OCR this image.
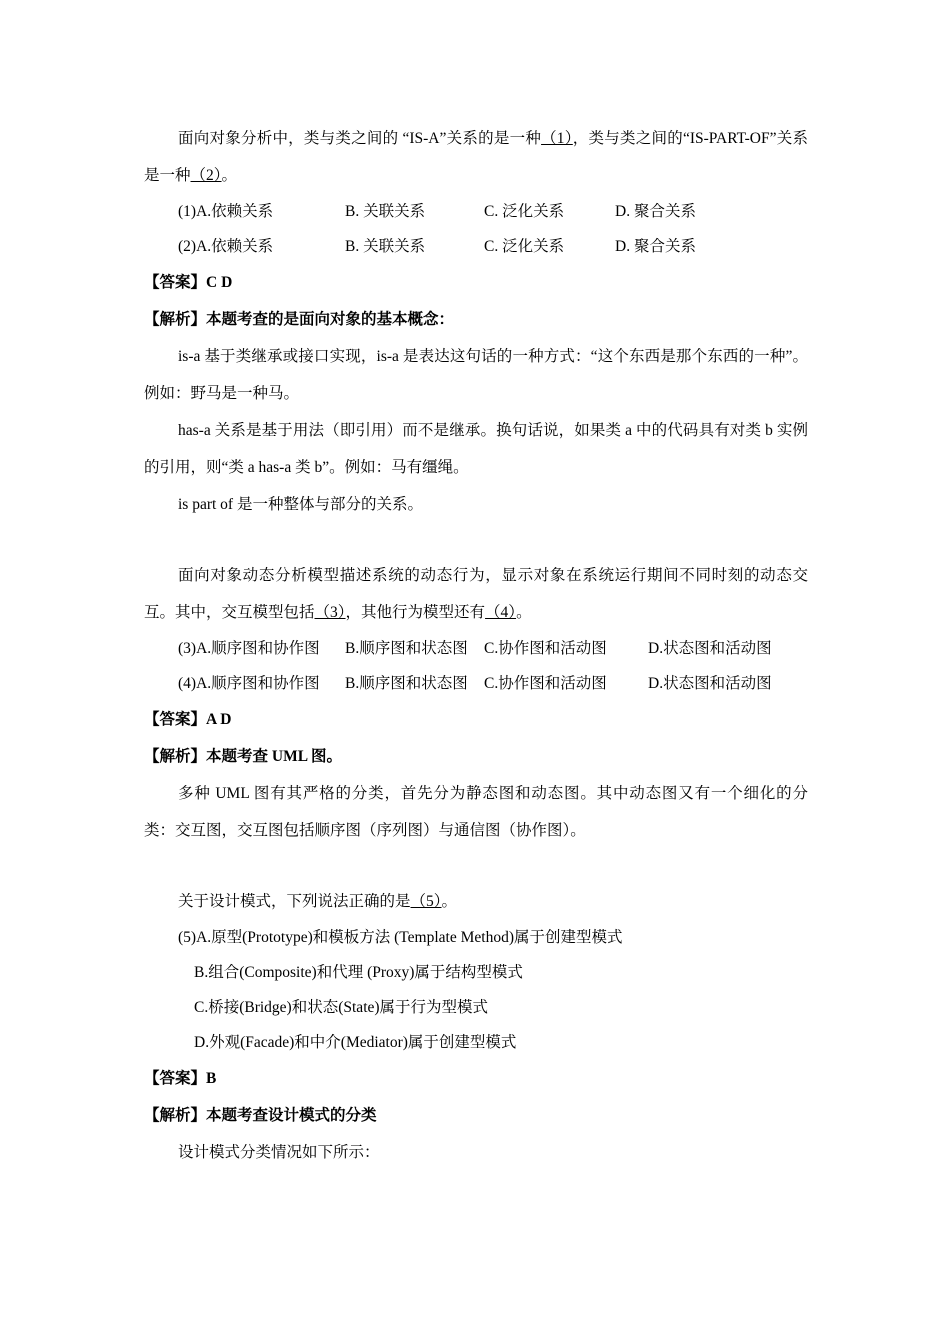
面向对象分析中，类与类之间的 “IS-A”关系的是一种（1），类与类之间的“IS-PART-OF”关系是一种（2）。
(1)A.依赖关系	B. 关联关系	C. 泛化关系	D. 聚合关系
(2)A.依赖关系	B. 关联关系	C. 泛化关系	D. 聚合关系
【答案】C D
【解析】本题考查的是面向对象的基本概念：
is-a 基于类继承或接口实现，is-a 是表达这句话的一种方式：“这个东西是那个东西的一种”。例如：野马是一种马。
has-a 关系是基于用法（即引用）而不是继承。换句话说，如果类 a 中的代码具有对类 b 实例的引用，则“类 a has-a 类 b”。例如：马有缰绳。
is part of 是一种整体与部分的关系。
面向对象动态分析模型描述系统的动态行为，显示对象在系统运行期间不同时刻的动态交互。其中，交互模型包括（3），其他行为模型还有（4）。
(3)A.顺序图和协作图	B.顺序图和状态图	C.协作图和活动图	D.状态图和活动图
(4)A.顺序图和协作图	B.顺序图和状态图	C.协作图和活动图	D.状态图和活动图
【答案】A D
【解析】本题考查 UML 图。
多种 UML 图有其严格的分类，首先分为静态图和动态图。其中动态图又有一个细化的分类：交互图，交互图包括顺序图（序列图）与通信图（协作图）。
关于设计模式，下列说法正确的是（5）。
(5)A.原型(Prototype)和模板方法 (Template Method)属于创建型模式
B.组合(Composite)和代理 (Proxy)属于结构型模式
C.桥接(Bridge)和状态(State)属于行为型模式
D.外观(Facade)和中介(Mediator)属于创建型模式
【答案】B
【解析】本题考查设计模式的分类
设计模式分类情况如下所示：
